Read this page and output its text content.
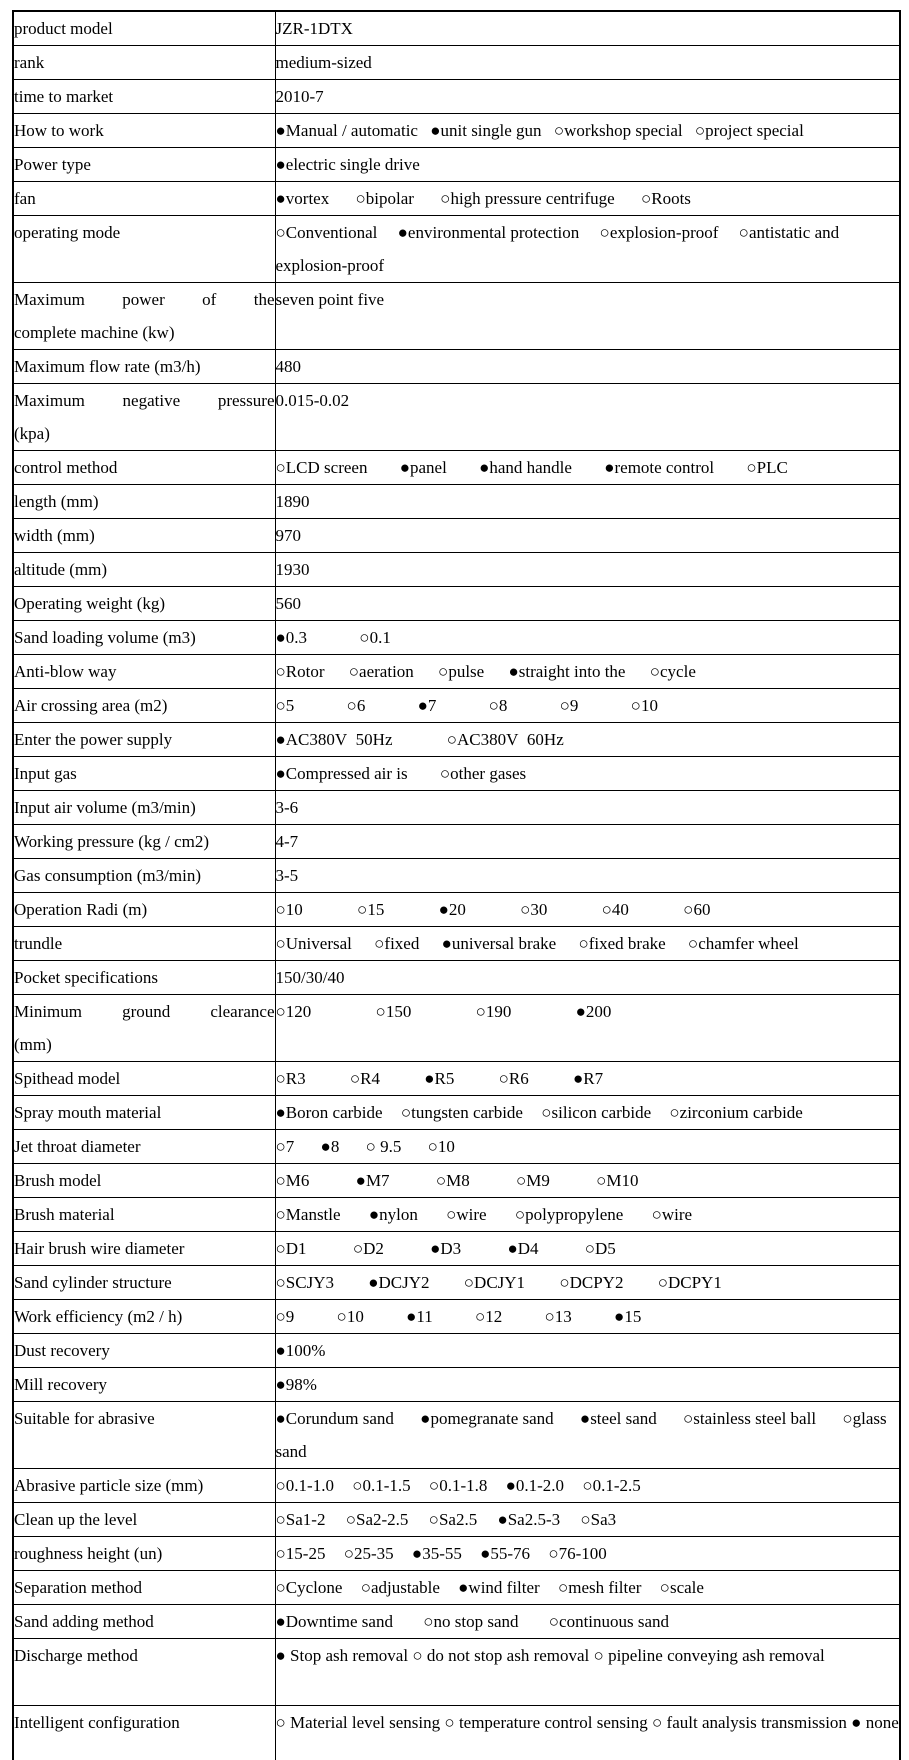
product model	JZR-1DTX
rank	medium-sized
time to market	2010-7
How to work	●Manual / automatic ●unit single gun ○workshop special ○project special
Power type	●electric single drive
fan	●vortex ○bipolar ○high pressure centrifuge ○Roots
operating mode	○Conventional ●environmental protection ○explosion-proof ○antistatic and explosion-proof

Maximum power of the
complete machine (kw)	seven point five
Maximum flow rate (m3/h)	480

Maximum negative pressure
(kpa)	0.015-0.02
control method	○LCD screen ●panel ●hand handle ●remote control ○PLC
length (mm)	1890
width (mm)	970
altitude (mm)	1930
Operating weight (kg)	560
Sand loading volume (m3)	●0.3 ○0.1
Anti-blow way	○Rotor ○aeration ○pulse ●straight into the ○cycle
Air crossing area (m2)	○5 ○6 ●7 ○8 ○9 ○10
Enter the power supply	●AC380V  50Hz ○AC380V  60Hz
Input gas	●Compressed air is ○other gases
Input air volume (m3/min)	3-6
Working pressure (kg / cm2)	4-7
Gas consumption (m3/min)	3-5
Operation Radi (m)	○10 ○15 ●20 ○30 ○40 ○60
trundle	○Universal ○fixed ●universal brake ○fixed brake ○chamfer wheel
Pocket specifications	150/30/40

Minimum ground clearance
(mm)	○120 ○150 ○190 ●200
Spithead model	○R3 ○R4 ●R5 ○R6 ●R7
Spray mouth material	●Boron carbide ○tungsten carbide ○silicon carbide ○zirconium carbide
Jet throat diameter	○7 ●8 ○ 9.5 ○10
Brush model	○M6 ●M7 ○M8 ○M9 ○M10
Brush material	○Manstle ●nylon ○wire ○polypropylene ○wire
Hair brush wire diameter	○D1 ○D2 ●D3 ●D4 ○D5
Sand cylinder structure	○SCJY3 ●DCJY2 ○DCJY1 ○DCPY2 ○DCPY1
Work efficiency (m2 / h)	○9 ○10 ●11 ○12 ○13 ●15
Dust recovery	●100%
Mill recovery	●98%
Suitable for abrasive	●Corundum sand ●pomegranate sand ●steel sand ○stainless steel ball ○glass sand
Abrasive particle size (mm)	○0.1-1.0 ○0.1-1.5 ○0.1-1.8 ●0.1-2.0 ○0.1-2.5
Clean up the level	○Sa1-2 ○Sa2-2.5 ○Sa2.5 ●Sa2.5-3 ○Sa3
roughness height (un)	○15-25 ○25-35 ●35-55 ●55-76 ○76-100
Separation method	○Cyclone ○adjustable ●wind filter ○mesh filter ○scale
Sand adding method	●Downtime sand ○no stop sand ○continuous sand
Discharge method	● Stop ash removal ○ do not stop ash removal ○ pipeline conveying ash removal
Intelligent configuration	○ Material level sensing ○ temperature control sensing ○ fault analysis transmission ● none
